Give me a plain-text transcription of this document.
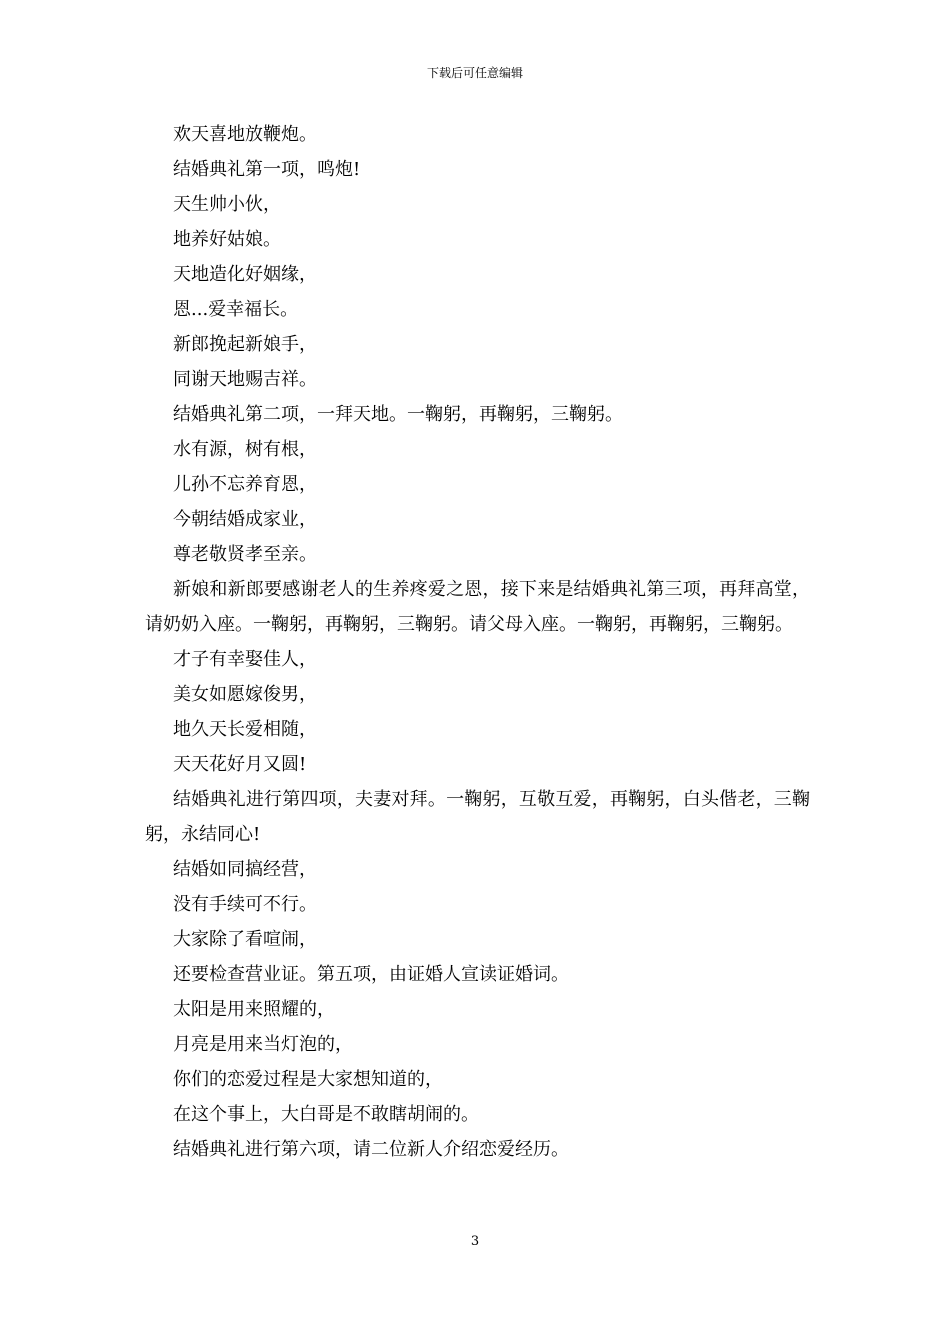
下载后可任意编辑

欢天喜地放鞭炮。

结婚典礼第一项，鸣炮!

天生帅小伙，

地养好姑娘。

天地造化好姻缘，

恩...爱幸福长。

新郎挽起新娘手，

同谢天地赐吉祥。

结婚典礼第二项，一拜天地。一鞠躬，再鞠躬，三鞠躬。

水有源，树有根，

儿孙不忘养育恩，

今朝结婚成家业，

尊老敬贤孝至亲。

新娘和新郎要感谢老人的生养疼爱之恩，接下来是结婚典礼第三项，再拜高堂，请奶奶入座。一鞠躬，再鞠躬，三鞠躬。请父母入座。一鞠躬，再鞠躬，三鞠躬。

才子有幸娶佳人，

美女如愿嫁俊男，

地久天长爱相随，

天天花好月又圆!

结婚典礼进行第四项，夫妻对拜。一鞠躬，互敬互爱，再鞠躬，白头偕老，三鞠躬，永结同心!

结婚如同搞经营，

没有手续可不行。

大家除了看喧闹，

还要检查营业证。第五项，由证婚人宣读证婚词。

太阳是用来照耀的，

月亮是用来当灯泡的，

你们的恋爱过程是大家想知道的，

在这个事上，大白哥是不敢瞎胡闹的。

结婚典礼进行第六项，请二位新人介绍恋爱经历。

3
